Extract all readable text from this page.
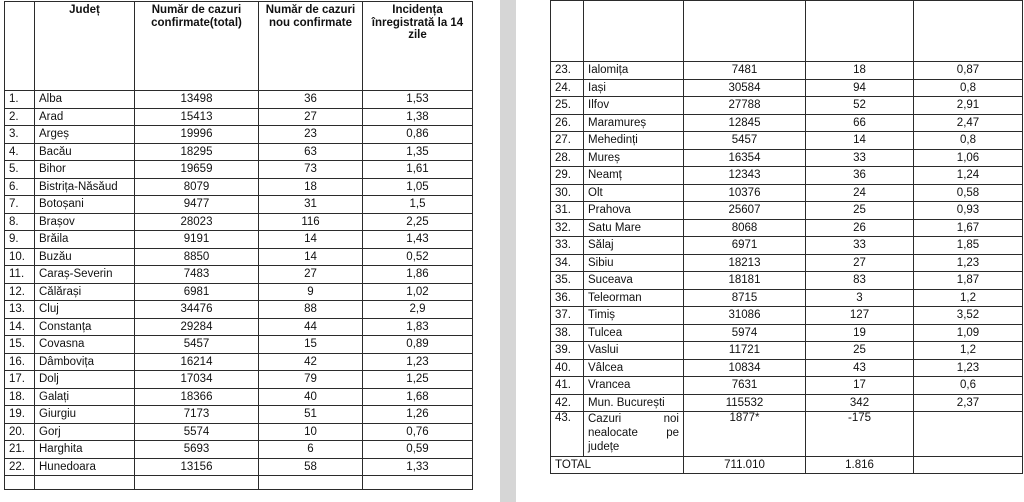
	Județ	Număr de cazuri confirmate(total)	Număr de cazuri nou confirmate	Incidența înregistrată la 14 zile
1.	Alba	13498	36	1,53
2.	Arad	15413	27	1,38
3.	Argeș	19996	23	0,86
4.	Bacău	18295	63	1,35
5.	Bihor	19659	73	1,61
6.	Bistrița-Năsăud	8079	18	1,05
7.	Botoșani	9477	31	1,5
8.	Brașov	28023	116	2,25
9.	Brăila	9191	14	1,43
10.	Buzău	8850	14	0,52
11.	Caraș-Severin	7483	27	1,86
12.	Călărași	6981	9	1,02
13.	Cluj	34476	88	2,9
14.	Constanța	29284	44	1,83
15.	Covasna	5457	15	0,89
16.	Dâmbovița	16214	42	1,23
17.	Dolj	17034	79	1,25
18.	Galați	18366	40	1,68
19.	Giurgiu	7173	51	1,26
20.	Gorj	5574	10	0,76
21.	Harghita	5693	6	0,59
22.	Hunedoara	13156	58	1,33

23.	Ialomița	7481	18	0,87
24.	Iași	30584	94	0,8
25.	Ilfov	27788	52	2,91
26.	Maramureș	12845	66	2,47
27.	Mehedinți	5457	14	0,8
28.	Mureș	16354	33	1,06
29.	Neamț	12343	36	1,24
30.	Olt	10376	24	0,58
31.	Prahova	25607	25	0,93
32.	Satu Mare	8068	26	1,67
33.	Sălaj	6971	33	1,85
34.	Sibiu	18213	27	1,23
35.	Suceava	18181	83	1,87
36.	Teleorman	8715	3	1,2
37.	Timiș	31086	127	3,52
38.	Tulcea	5974	19	1,09
39.	Vaslui	11721	25	1,2
40.	Vâlcea	10834	43	1,23
41.	Vrancea	7631	17	0,6
42.	Mun. București	115532	342	2,37
43.	Cazuri noi nealocate pe județe	1877*	-175	
TOTAL		711.010	1.816	
